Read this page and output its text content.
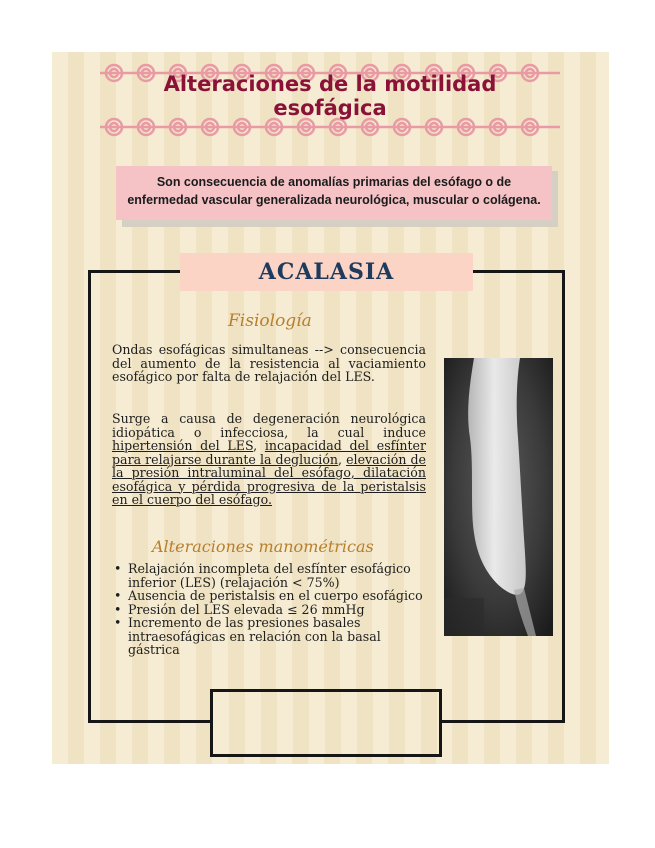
Alteraciones de la motilidad
esofágica
Son consecuencia de anomalías primarias del esófago o de enfermedad vascular generalizada neurológica, muscular o colágena.
ACALASIA
Fisiología

Ondas esofágicas simultaneas --> consecuencia del aumento de la resistencia al vaciamiento esofágico por falta de relajación del LES.

Surge a causa de degeneración neurológica idiopática o infecciosa, la cual induce hipertensión del LES, incapacidad del esfínter para relajarse durante la deglución, elevación de la presión intraluminal del esófago, dilatación esofágica y pérdida progresiva de la peristalsis en el cuerpo del esófago.

Alteraciones manométricas
• Relajación incompleta del esfínter esofágico inferior (LES) (relajación < 75%)
• Ausencia de peristalsis en el cuerpo esofágico
• Presión del LES elevada ≤ 26 mmHg
• Incremento de las presiones basales intraesofágicas en relación con la basal gástrica
